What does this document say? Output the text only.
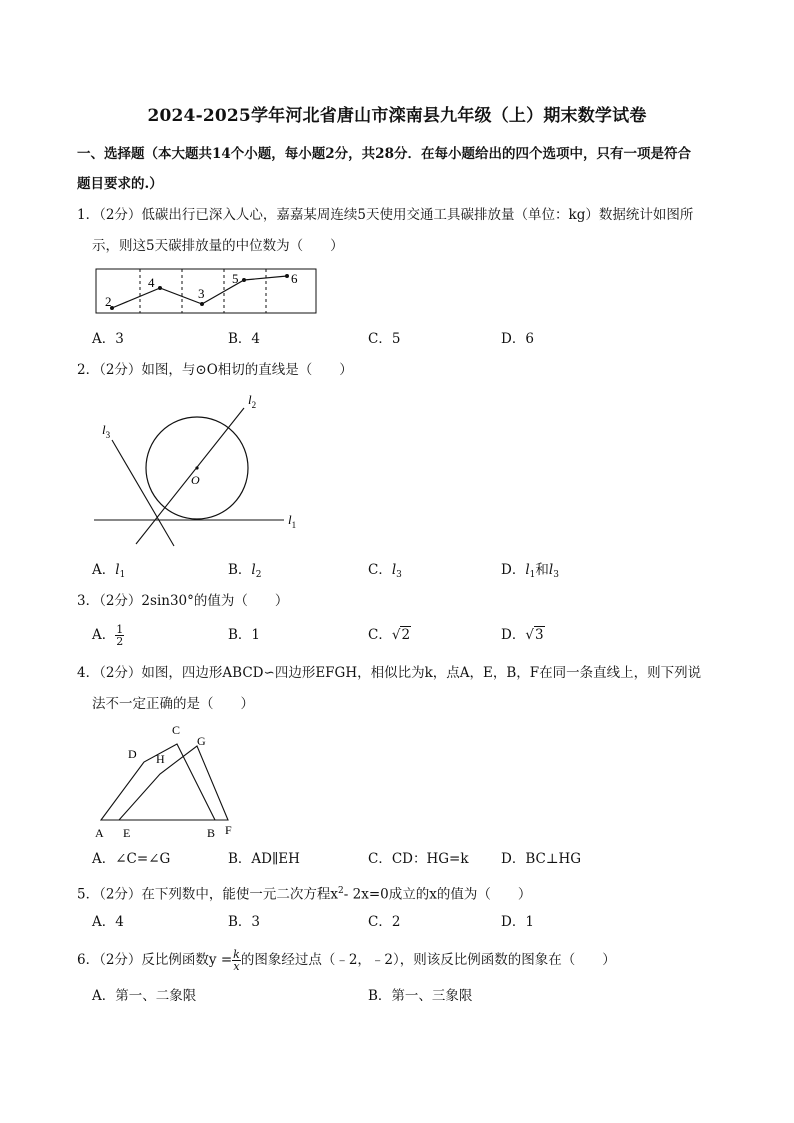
2024-2025学年河北省唐山市滦南县九年级（上）期末数学试卷
一、选择题（本大题共14个小题，每小题2分，共28分．在每小题给出的四个选项中，只有一项是符合
题目要求的.）
1．（2分）低碳出行已深入人心，嘉嘉某周连续5天使用交通工具碳排放量（单位：kg）数据统计如图所
示，则这5天碳排放量的中位数为（　　）
2
4
3
5	6
A．3	B．4	C．5	D．6
2．（2分）如图，与⊙O相切的直线是（　　）
O
$l_2$
$l_3$
$l_1$
A．$l_1$	B．$l_2$	C．$l_3$	D．$l_1$和$l_3$
3．（2分）2sin30°的值为（　　）
A． $\frac{1}{2}$	B．1	C．√2	D．√3
4．（2分）如图，四边形ABCD∽四边形EFGH，相似比为k，点A，E，B，F在同一条直线上，则下列说
法不一定正确的是（　　）
A E	B F
D
C
G
H
A．∠C=∠G	B．AD∥EH	C．CD：HG=k D．BC⊥HG
5．（2分）在下列数中，能使一元二次方程$x^2-$ 2x=0成立的x的值为（　　）
A．4	B．3	C．2	D．1
6．（2分）反比例函数$y = \frac{k}{x}$ 的图象经过点（﹣2，﹣2），则该反比例函数的图象在（　　）
A．第一、二象限	B．第一、三象限
